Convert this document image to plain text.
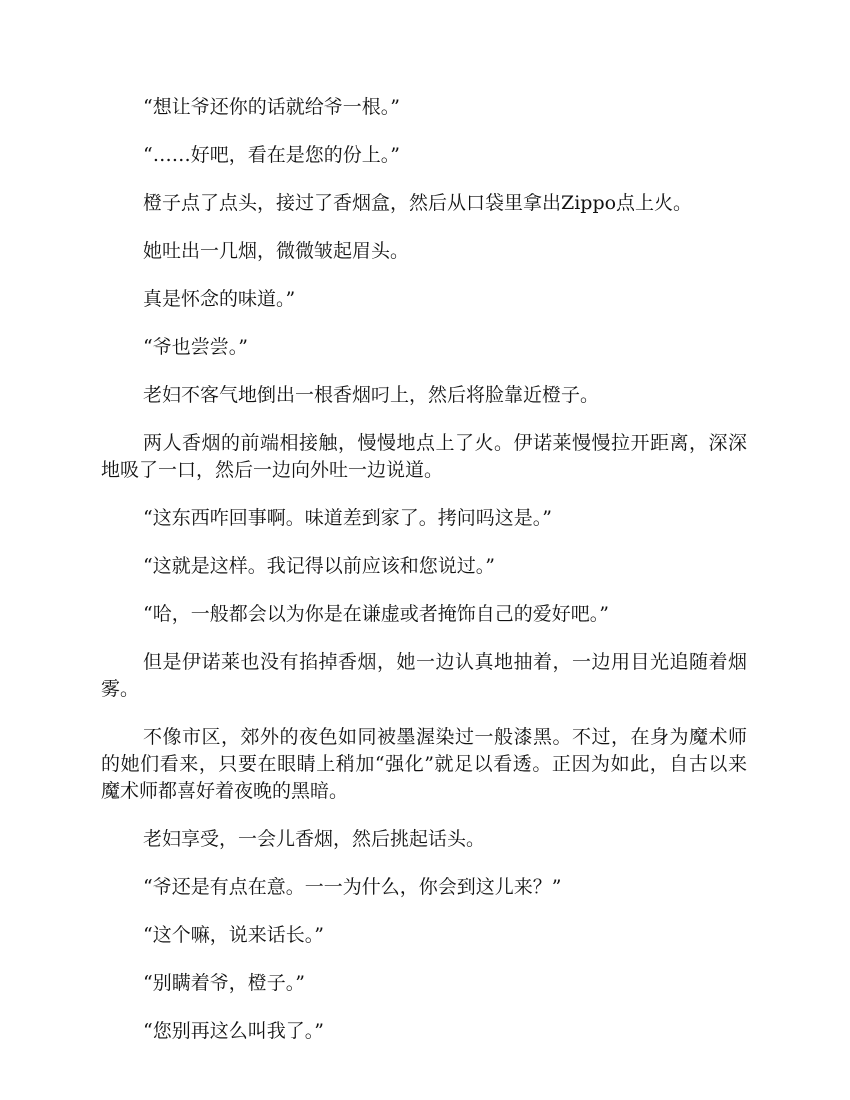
“想让爷还你的话就给爷一根。”

“……好吧，看在是您的份上。”

橙子点了点头，接过了香烟盒，然后从口袋里拿出Zippo点上火。

她吐出一几烟，微微皱起眉头。

真是怀念的味道。”

“爷也尝尝。”

老妇不客气地倒出一根香烟叼上，然后将脸靠近橙子。

两人香烟的前端相接触，慢慢地点上了火。伊诺莱慢慢拉开距离，深深地吸了一口，然后一边向外吐一边说道。

“这东西咋回事啊。味道差到家了。拷问吗这是。”

“这就是这样。我记得以前应该和您说过。”

“哈，一般都会以为你是在谦虚或者掩饰自己的爱好吧。”

但是伊诺莱也没有掐掉香烟，她一边认真地抽着，一边用目光追随着烟雾。

不像市区，郊外的夜色如同被墨渥染过一般漆黑。不过，在身为魔术师的她们看来，只要在眼睛上稍加“强化”就足以看透。正因为如此，自古以来魔术师都喜好着夜晚的黑暗。

老妇享受，一会儿香烟，然后挑起话头。

“爷还是有点在意。一一为什么，你会到这儿来？”

“这个嘛，说来话长。”

“别瞒着爷，橙子。”

“您别再这么叫我了。”
